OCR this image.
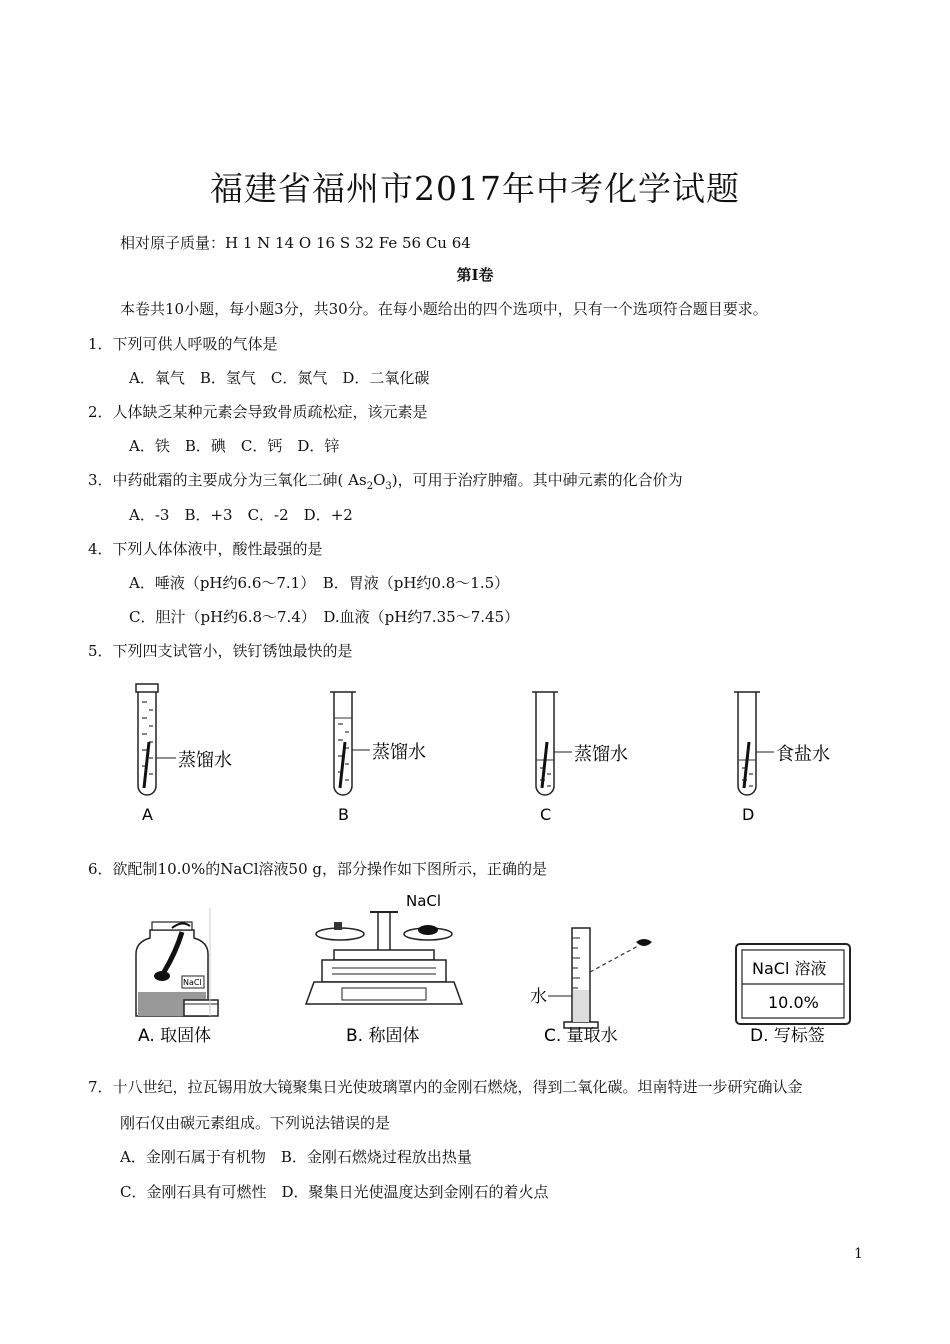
福建省福州市2017年中考化学试题
相对原子质量：H 1 N 14 O 16 S 32 Fe 56 Cu 64
第I卷
本卷共10小题，每小题3分，共30分。在每小题给出的四个选项中，只有一个选项符合题目要求。
1．下列可供人呼吸的气体是
A．氧气　B．氢气　C．氮气　D．二氧化碳
2．人体缺乏某种元素会导致骨质疏松症，该元素是
A．铁　B．碘　C．钙　D．锌
3．中药砒霜的主要成分为三氧化二砷( $As_2O_3$)，可用于治疗肿瘤。其中砷元素的化合价为
A．-3　B．+3　C．-2　D．+2
4．下列人体体液中，酸性最强的是
A．唾液（pH约6.6～7.1）　B．胃液（pH约0.8～1.5）
C．胆汁（pH约6.8～7.4）　D.血液（pH约7.35～7.45）
5．下列四支试管小，铁钉锈蚀最快的是
蒸馏水
A
蒸馏水
B
蒸馏水
C
食盐水
D
6．欲配制10.0%的NaCl溶液50 g，部分操作如下图所示，正确的是
NaCl
A. 取固体
NaCl
B. 称固体
水
C. 量取水
NaCl 溶液
10.0%
D. 写标签
7．十八世纪，拉瓦锡用放大镜聚集日光使玻璃罩内的金刚石燃烧，得到二氧化碳。坦南特进一步研究确认金
刚石仅由碳元素组成。下列说法错误的是
A．金刚石属于有机物　B．金刚石燃烧过程放出热量
C．金刚石具有可燃性　D．聚集日光使温度达到金刚石的着火点
1
